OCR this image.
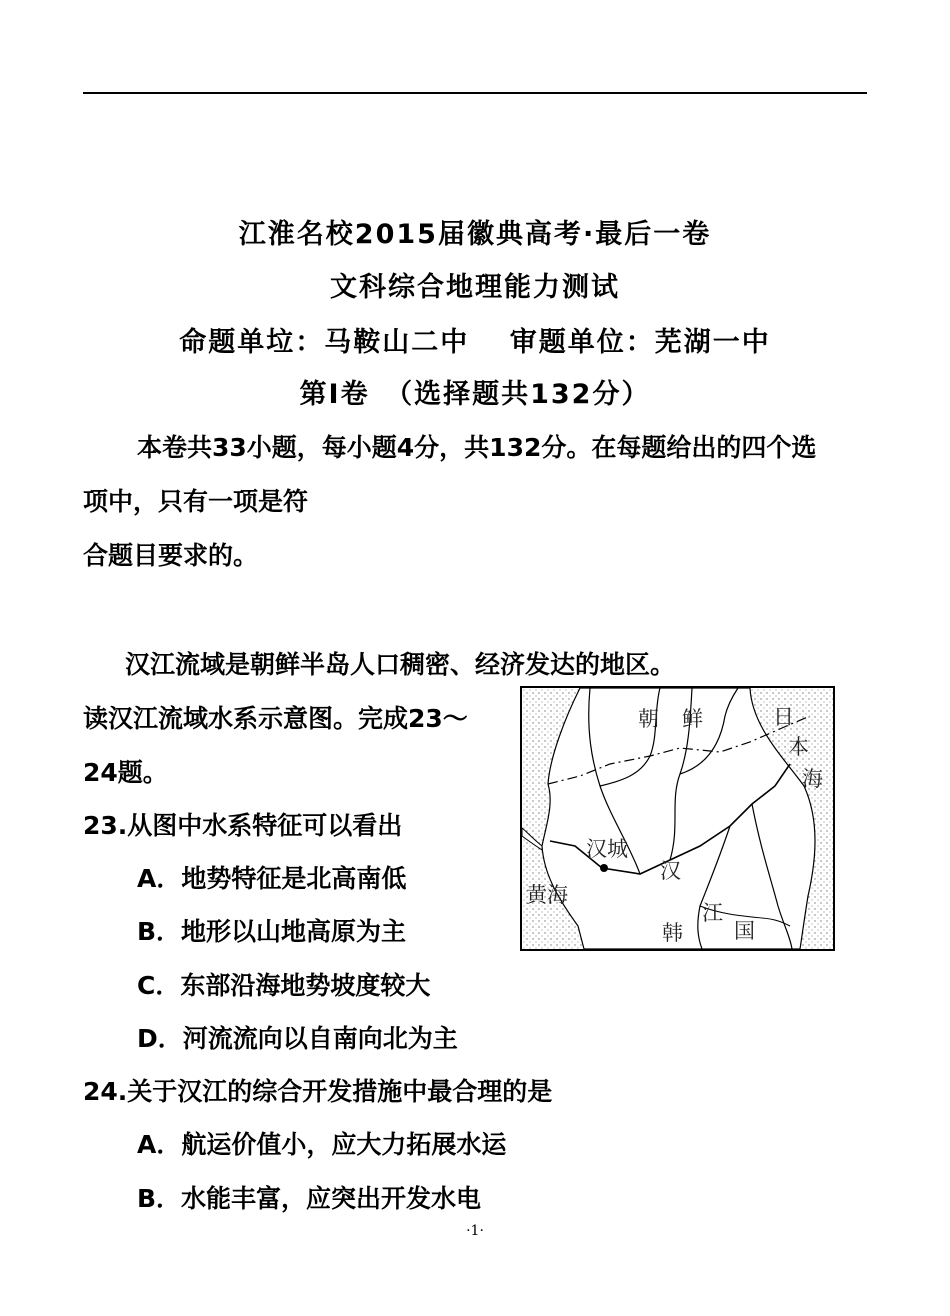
江淮名校2015届徽典高考·最后一卷
文科综合地理能力测试
命题单垃：马鞍山二中　 审题单位：芜湖一中
第Ⅰ卷　（选择题共132分）
本卷共33小题，每小题4分，共132分。在每题给出的四个选
项中，只有一项是符
合题目要求的。
汉江流域是朝鲜半岛人口稠密、经济发达的地区。
读汉江流域水系示意图。完成23～
24题。
23.从图中水系特征可以看出
A．地势特征是北高南低
B．地形以山地高原为主
C．东部沿海地势坡度较大
D．河流流向以自南向北为主
24.关于汉江的综合开发措施中最合理的是
A．航运价值小，应大力拓展水运
B．水能丰富，应突出开发水电
朝 鲜	日
本
海
汉城
汉
黄海
江
韩 国
·1·
